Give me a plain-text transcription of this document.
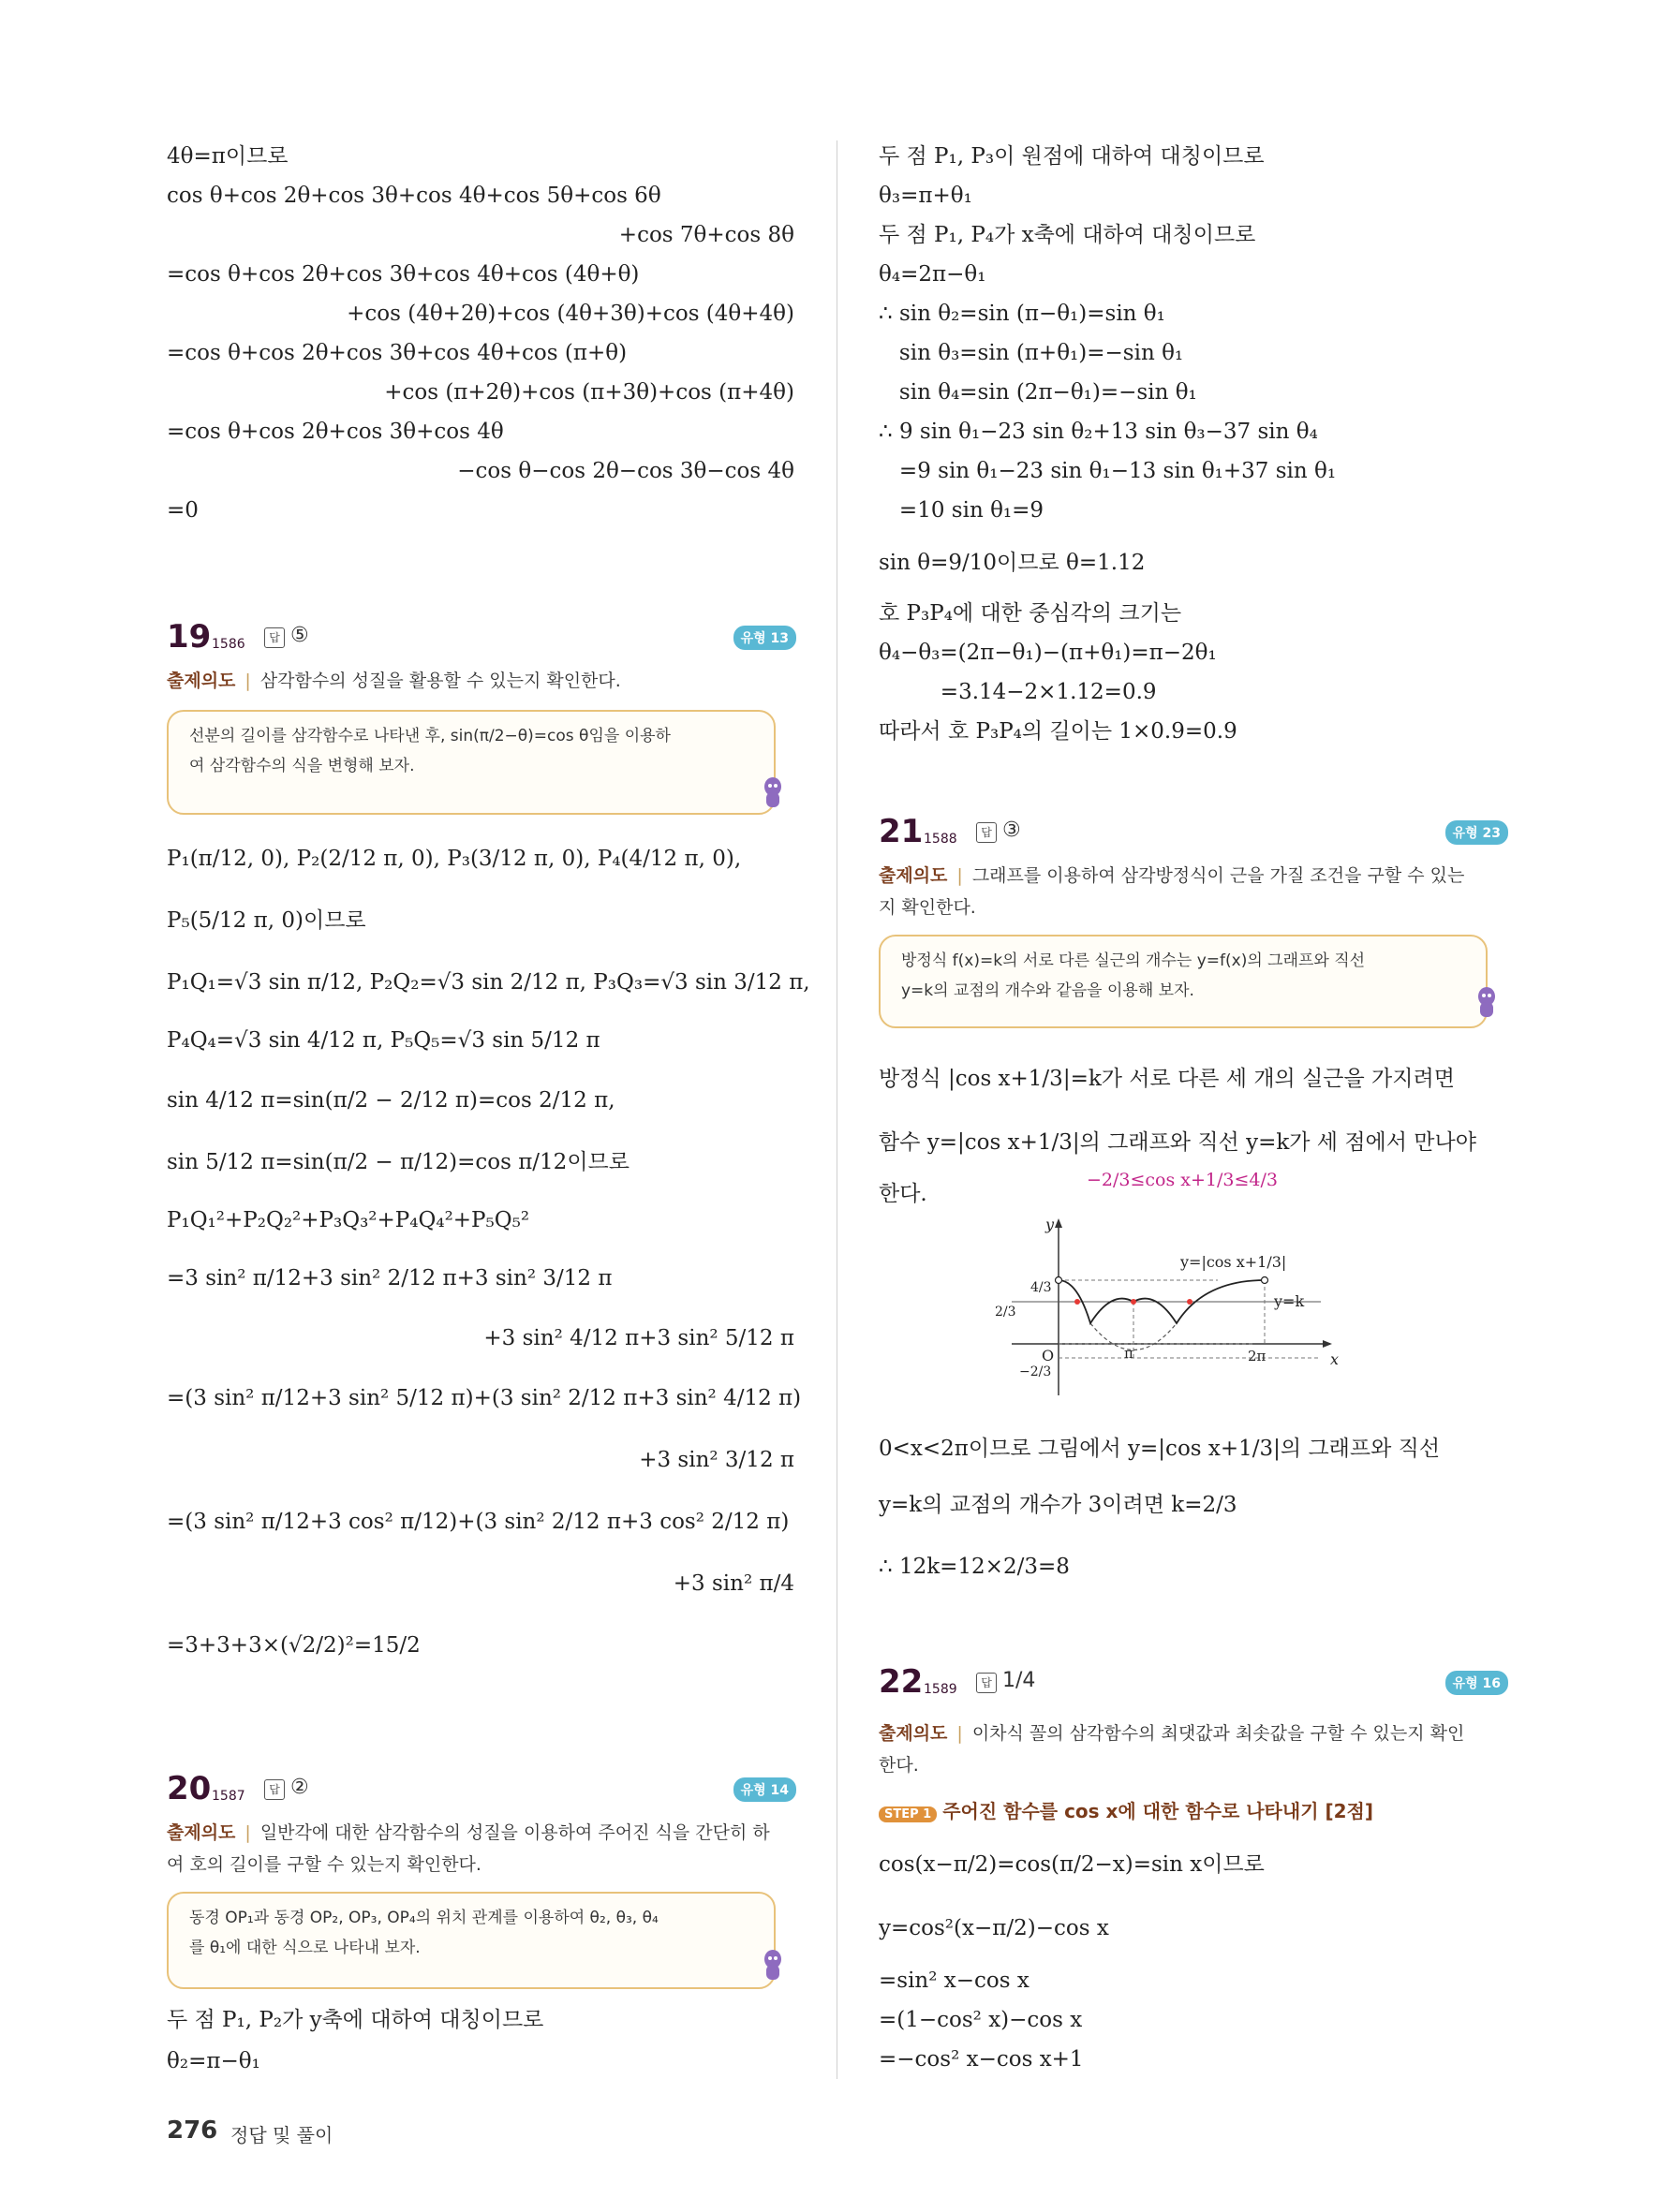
4θ=π이므로
cos θ+cos 2θ+cos 3θ+cos 4θ+cos 5θ+cos 6θ
+cos 7θ+cos 8θ
=cos θ+cos 2θ+cos 3θ+cos 4θ+cos (4θ+θ)
+cos (4θ+2θ)+cos (4θ+3θ)+cos (4θ+4θ)
=cos θ+cos 2θ+cos 3θ+cos 4θ+cos (π+θ)
+cos (π+2θ)+cos (π+3θ)+cos (π+4θ)
=cos θ+cos 2θ+cos 3θ+cos 4θ
−cos θ−cos 2θ−cos 3θ−cos 4θ
=0
19 1586	답 ⑤	유형 13
출제의도 | 삼각함수의 성질을 활용할 수 있는지 확인한다.
선분의 길이를 삼각함수로 나타낸 후, sin(π/2−θ)=cos θ임을 이용하
여 삼각함수의 식을 변형해 보자.
P₁(π/12, 0), P₂(2/12 π, 0), P₃(3/12 π, 0), P₄(4/12 π, 0),
P₅(5/12 π, 0)이므로
P₁Q₁=√3 sin π/12, P₂Q₂=√3 sin 2/12 π, P₃Q₃=√3 sin 3/12 π,
P₄Q₄=√3 sin 4/12 π, P₅Q₅=√3 sin 5/12 π
sin 4/12 π=sin(π/2 − 2/12 π)=cos 2/12 π,
sin 5/12 π=sin(π/2 − π/12)=cos π/12이므로
P₁Q₁²+P₂Q₂²+P₃Q₃²+P₄Q₄²+P₅Q₅²
=3 sin² π/12+3 sin² 2/12 π+3 sin² 3/12 π
+3 sin² 4/12 π+3 sin² 5/12 π
=(3 sin² π/12+3 sin² 5/12 π)+(3 sin² 2/12 π+3 sin² 4/12 π)
+3 sin² 3/12 π
=(3 sin² π/12+3 cos² π/12)+(3 sin² 2/12 π+3 cos² 2/12 π)
+3 sin² π/4
=3+3+3×(√2/2)²=15/2
20 1587	답 ②	유형 14
출제의도 | 일반각에 대한 삼각함수의 성질을 이용하여 주어진 식을 간단히 하
여 호의 길이를 구할 수 있는지 확인한다.
동경 OP₁과 동경 OP₂, OP₃, OP₄의 위치 관계를 이용하여 θ₂, θ₃, θ₄
를 θ₁에 대한 식으로 나타내 보자.
두 점 P₁, P₂가 y축에 대하여 대칭이므로
θ₂=π−θ₁
두 점 P₁, P₃이 원점에 대하여 대칭이므로
θ₃=π+θ₁
두 점 P₁, P₄가 x축에 대하여 대칭이므로
θ₄=2π−θ₁
∴ sin θ₂=sin (π−θ₁)=sin θ₁
sin θ₃=sin (π+θ₁)=−sin θ₁
sin θ₄=sin (2π−θ₁)=−sin θ₁
∴ 9 sin θ₁−23 sin θ₂+13 sin θ₃−37 sin θ₄
=9 sin θ₁−23 sin θ₁−13 sin θ₁+37 sin θ₁
=10 sin θ₁=9
sin θ=9/10이므로 θ=1.12
호 P₃P₄에 대한 중심각의 크기는
θ₄−θ₃=(2π−θ₁)−(π+θ₁)=π−2θ₁
=3.14−2×1.12=0.9
따라서 호 P₃P₄의 길이는 1×0.9=0.9
21 1588	답 ③	유형 23
출제의도 | 그래프를 이용하여 삼각방정식이 근을 가질 조건을 구할 수 있는
지 확인한다.
방정식 f(x)=k의 서로 다른 실근의 개수는 y=f(x)의 그래프와 직선
y=k의 교점의 개수와 같음을 이용해 보자.
방정식 |cos x+1/3|=k가 서로 다른 세 개의 실근을 가지려면
함수 y=|cos x+1/3|의 그래프와 직선 y=k가 세 점에서 만나야
−2/3≤cos x+1/3≤4/3
한다.
y
x
O	π	2π
4/3
2/3
−2/3
y=|cos x+1/3|
y=k
0<x<2π이므로 그림에서 y=|cos x+1/3|의 그래프와 직선
y=k의 교점의 개수가 3이려면 k=2/3
∴ 12k=12×2/3=8
22 1589	답 1/4	유형 16
출제의도 | 이차식 꼴의 삼각함수의 최댓값과 최솟값을 구할 수 있는지 확인
한다.
STEP 1 주어진 함수를 cos x에 대한 함수로 나타내기 [2점]
cos(x−π/2)=cos(π/2−x)=sin x이므로
y=cos²(x−π/2)−cos x
=sin² x−cos x
=(1−cos² x)−cos x
=−cos² x−cos x+1
276 정답 및 풀이
